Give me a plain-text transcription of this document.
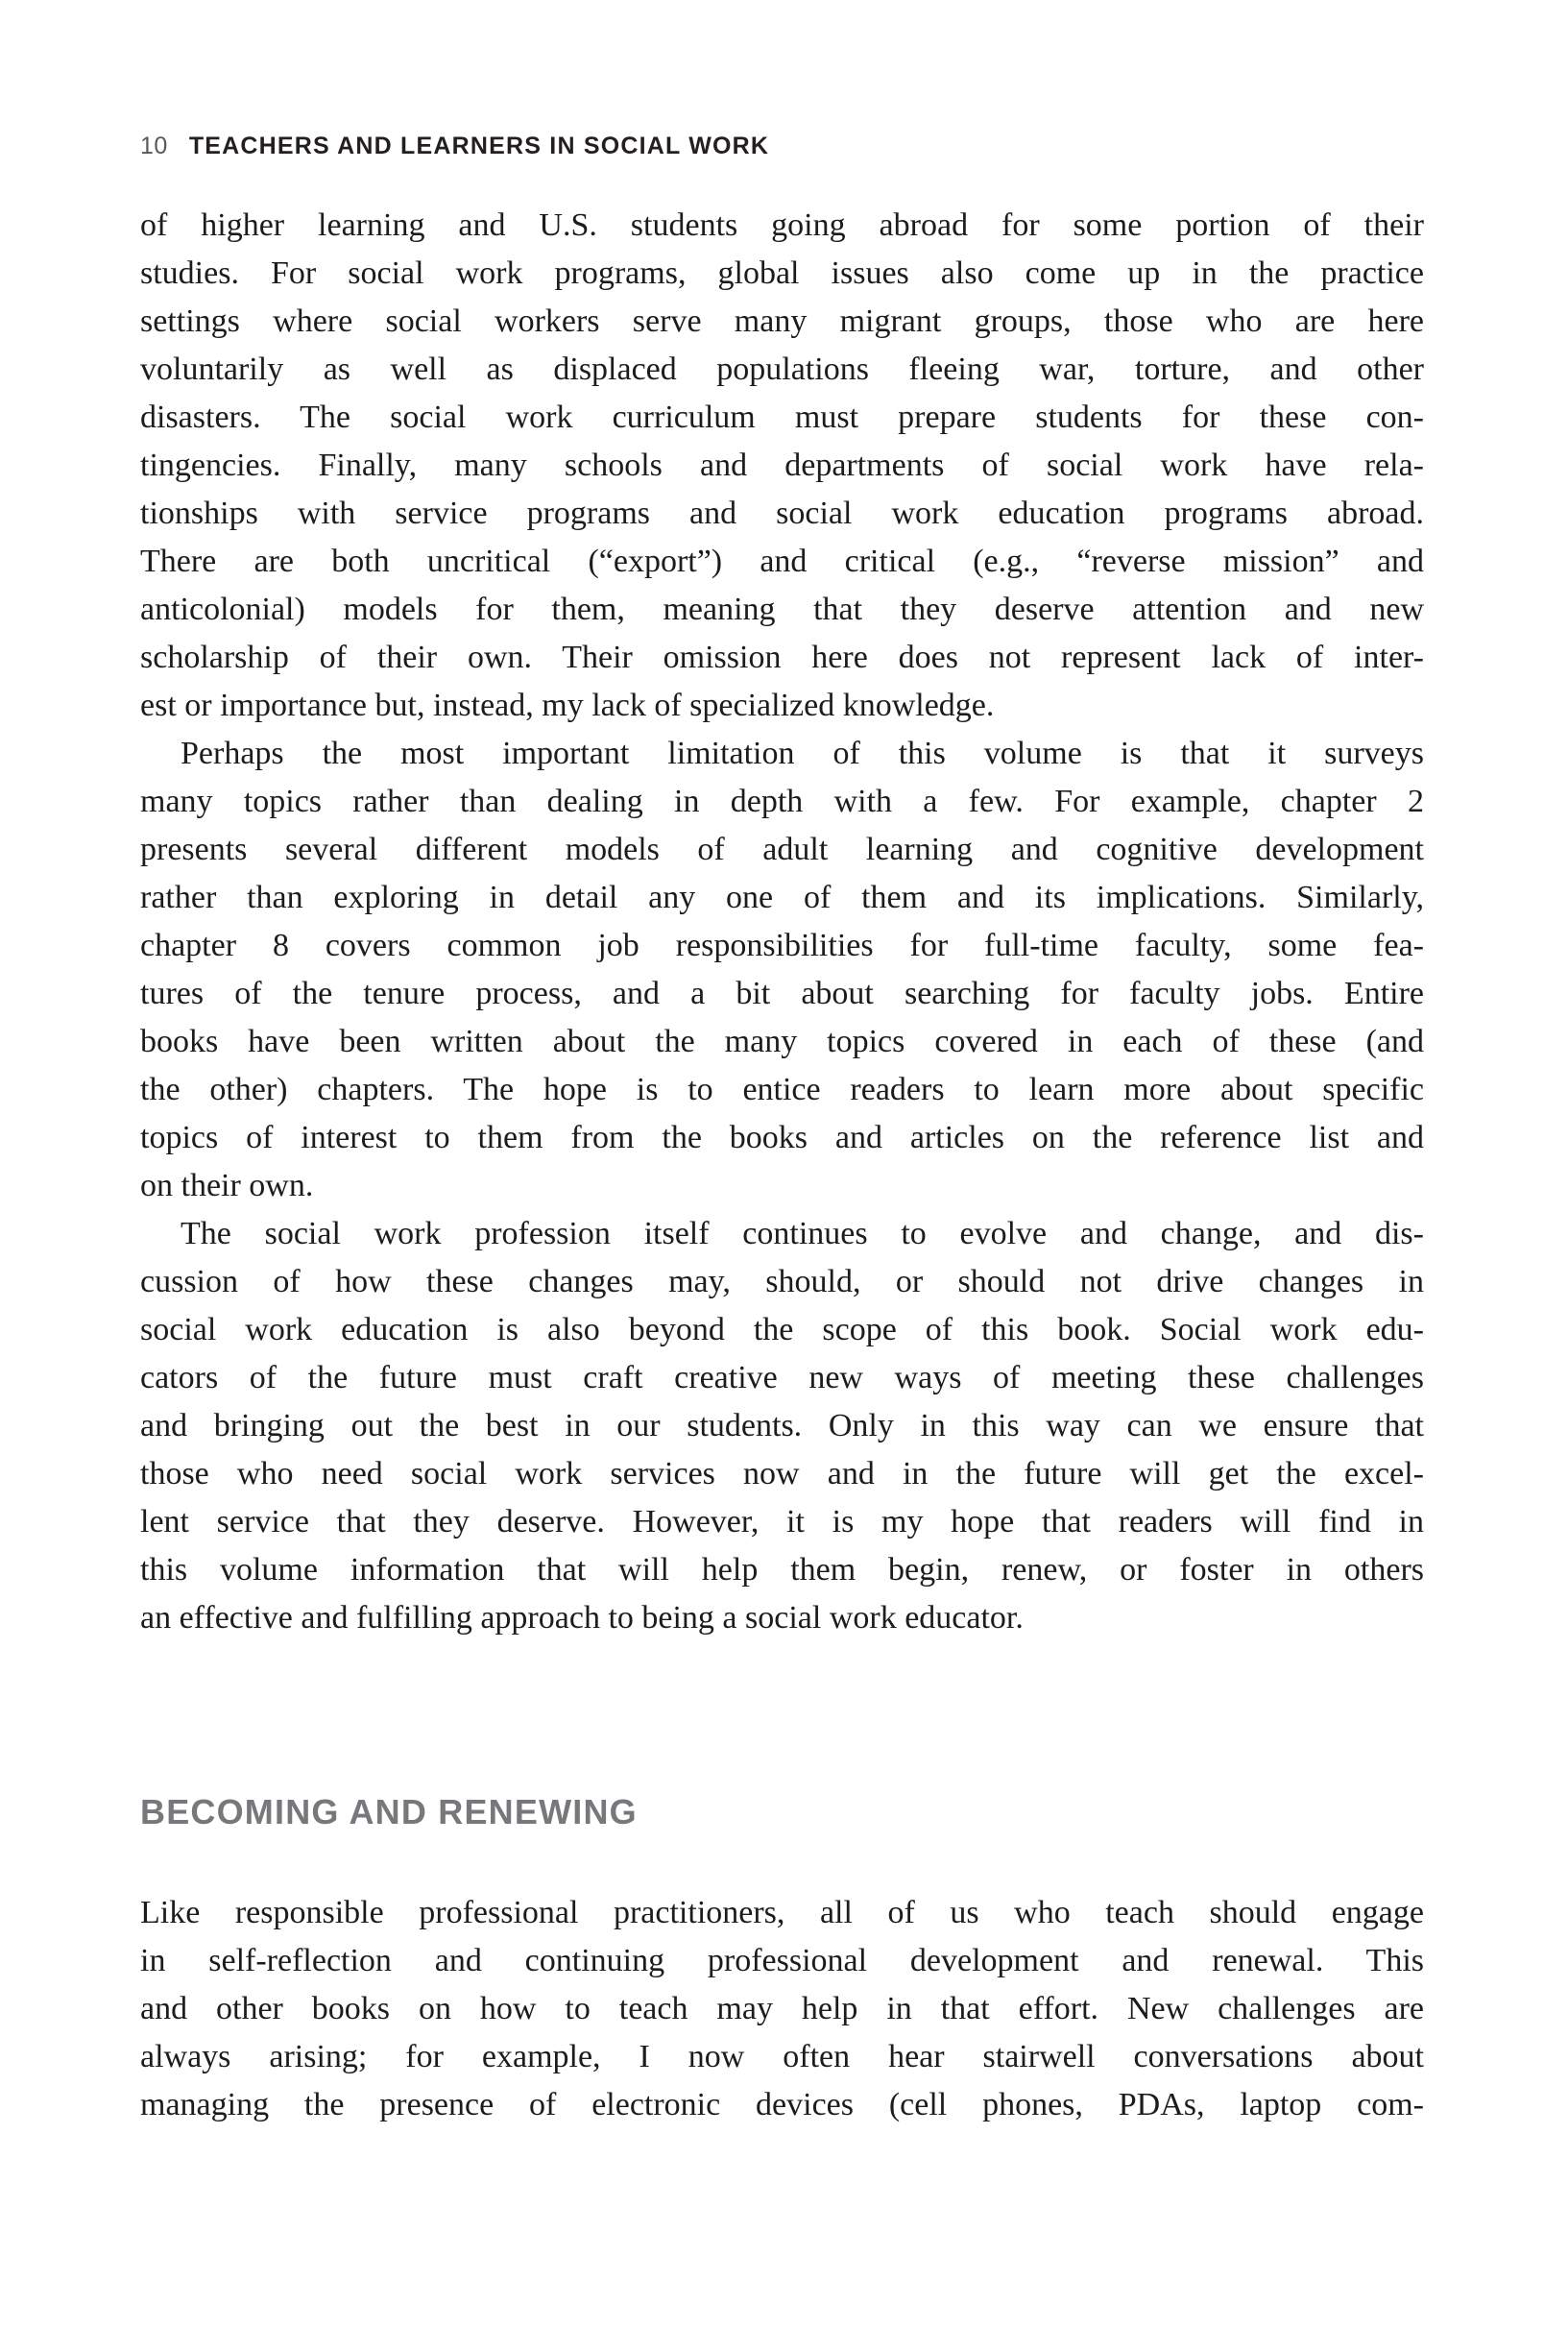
10 TEACHERS AND LEARNERS IN SOCIAL WORK
of higher learning and U.S. students going abroad for some portion of their
studies. For social work programs, global issues also come up in the practice
settings where social workers serve many migrant groups, those who are here
voluntarily as well as displaced populations fleeing war, torture, and other
disasters. The social work curriculum must prepare students for these con-
tingencies. Finally, many schools and departments of social work have rela-
tionships with service programs and social work education programs abroad.
There are both uncritical (“export”) and critical (e.g., “reverse mission” and
anticolonial) models for them, meaning that they deserve attention and new
scholarship of their own. Their omission here does not represent lack of inter-
est or importance but, instead, my lack of specialized knowledge.
Perhaps the most important limitation of this volume is that it surveys
many topics rather than dealing in depth with a few. For example, chapter 2
presents several different models of adult learning and cognitive development
rather than exploring in detail any one of them and its implications. Similarly,
chapter 8 covers common job responsibilities for full-time faculty, some fea-
tures of the tenure process, and a bit about searching for faculty jobs. Entire
books have been written about the many topics covered in each of these (and
the other) chapters. The hope is to entice readers to learn more about specific
topics of interest to them from the books and articles on the reference list and
on their own.
The social work profession itself continues to evolve and change, and dis-
cussion of how these changes may, should, or should not drive changes in
social work education is also beyond the scope of this book. Social work edu-
cators of the future must craft creative new ways of meeting these challenges
and bringing out the best in our students. Only in this way can we ensure that
those who need social work services now and in the future will get the excel-
lent service that they deserve. However, it is my hope that readers will find in
this volume information that will help them begin, renew, or foster in others
an effective and fulfilling approach to being a social work educator.
BECOMING AND RENEWING
Like responsible professional practitioners, all of us who teach should engage
in self-reflection and continuing professional development and renewal. This
and other books on how to teach may help in that effort. New challenges are
always arising; for example, I now often hear stairwell conversations about
managing the presence of electronic devices (cell phones, PDAs, laptop com-
